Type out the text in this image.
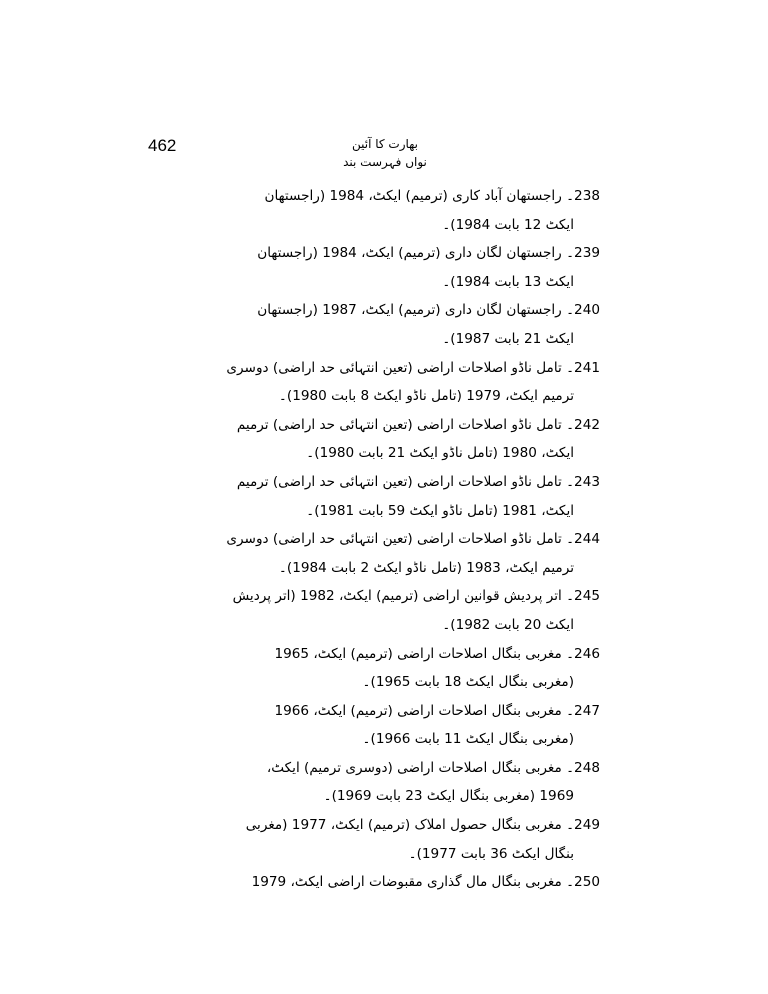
462	بھارت کا آئین
نواں فہرست بند
238۔ راجستھان آباد کاری (ترمیم) ایکٹ، 1984 (راجستھان
ایکٹ 12 بابت 1984)۔
239۔ راجستھان لگان داری (ترمیم) ایکٹ، 1984 (راجستھان
ایکٹ 13 بابت 1984)۔
240۔ راجستھان لگان داری (ترمیم) ایکٹ، 1987 (راجستھان
ایکٹ 21 بابت 1987)۔
241۔ تامل ناڈو اصلاحات اراضی (تعین انتہائی حد اراضی) دوسری
ترمیم ایکٹ، 1979 (تامل ناڈو ایکٹ 8 بابت 1980)۔
242۔ تامل ناڈو اصلاحات اراضی (تعین انتہائی حد اراضی) ترمیم
ایکٹ، 1980 (تامل ناڈو ایکٹ 21 بابت 1980)۔
243۔ تامل ناڈو اصلاحات اراضی (تعین انتہائی حد اراضی) ترمیم
ایکٹ، 1981 (تامل ناڈو ایکٹ 59 بابت 1981)۔
244۔ تامل ناڈو اصلاحات اراضی (تعین انتہائی حد اراضی) دوسری
ترمیم ایکٹ، 1983 (تامل ناڈو ایکٹ 2 بابت 1984)۔
245۔ اتر پردیش قوانین اراضی (ترمیم) ایکٹ، 1982 (اتر پردیش
ایکٹ 20 بابت 1982)۔
246۔ مغربی بنگال اصلاحات اراضی (ترمیم) ایکٹ، 1965
(مغربی بنگال ایکٹ 18 بابت 1965)۔
247۔ مغربی بنگال اصلاحات اراضی (ترمیم) ایکٹ، 1966
(مغربی بنگال ایکٹ 11 بابت 1966)۔
248۔ مغربی بنگال اصلاحات اراضی (دوسری ترمیم) ایکٹ،
1969 (مغربی بنگال ایکٹ 23 بابت 1969)۔
249۔ مغربی بنگال حصول املاک (ترمیم) ایکٹ، 1977 (مغربی
بنگال ایکٹ 36 بابت 1977)۔
250۔ مغربی بنگال مال گذاری مقبوضات اراضی ایکٹ، 1979
